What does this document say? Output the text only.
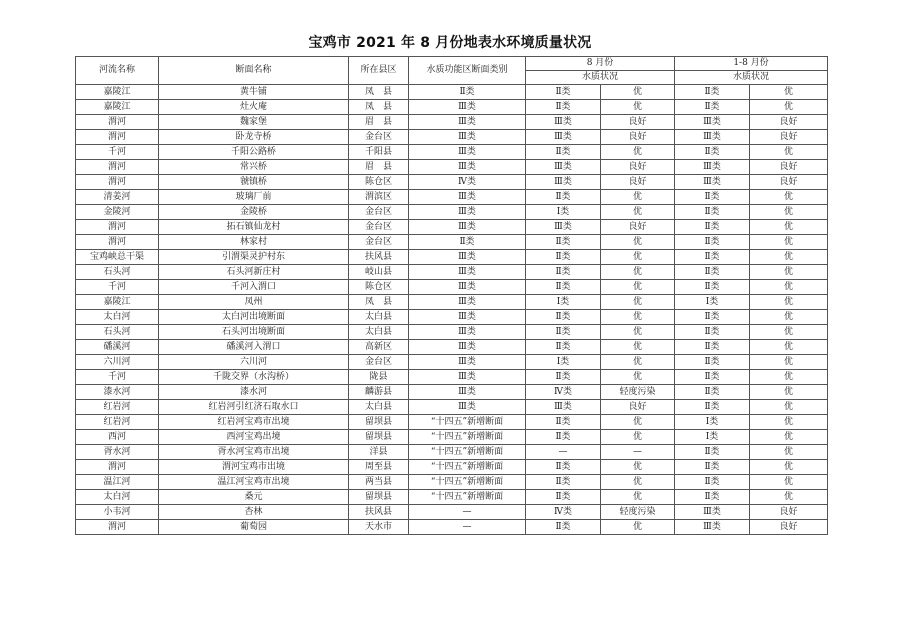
宝鸡市 2021 年 8 月份地表水环境质量状况
河流名称	断面名称	所在县区	水质功能区断面类别	8 月份		1-8 月份	
				水质状况		水质状况	
嘉陵江	黄牛铺	凤　县	Ⅱ类	Ⅱ类	优	Ⅱ类	优
嘉陵江	灶火庵	凤　县	Ⅲ类	Ⅱ类	优	Ⅱ类	优
渭河	魏家堡	眉　县	Ⅲ类	Ⅲ类	良好	Ⅲ类	良好
渭河	卧龙寺桥	金台区	Ⅲ类	Ⅲ类	良好	Ⅲ类	良好
千河	千阳公路桥	千阳县	Ⅲ类	Ⅱ类	优	Ⅱ类	优
渭河	常兴桥	眉　县	Ⅲ类	Ⅲ类	良好	Ⅲ类	良好
渭河	虢镇桥	陈仓区	Ⅳ类	Ⅲ类	良好	Ⅲ类	良好
清姜河	玻璃厂前	渭滨区	Ⅲ类	Ⅱ类	优	Ⅱ类	优
金陵河	金陵桥	金台区	Ⅲ类	Ⅰ类	优	Ⅱ类	优
渭河	拓石镇仙龙村	金台区	Ⅲ类	Ⅲ类	良好	Ⅱ类	优
渭河	林家村	金台区	Ⅱ类	Ⅱ类	优	Ⅱ类	优
宝鸡峡总干渠	引渭渠灵护村东	扶风县	Ⅲ类	Ⅱ类	优	Ⅱ类	优
石头河	石头河新庄村	岐山县	Ⅲ类	Ⅱ类	优	Ⅱ类	优
千河	千河入渭口	陈仓区	Ⅲ类	Ⅱ类	优	Ⅱ类	优
嘉陵江	凤州	凤　县	Ⅲ类	Ⅰ类	优	Ⅰ类	优
太白河	太白河出境断面	太白县	Ⅲ类	Ⅱ类	优	Ⅱ类	优
石头河	石头河出境断面	太白县	Ⅲ类	Ⅱ类	优	Ⅱ类	优
磻溪河	磻溪河入渭口	高新区	Ⅲ类	Ⅱ类	优	Ⅱ类	优
六川河	六川河	金台区	Ⅲ类	Ⅰ类	优	Ⅱ类	优
千河	千陇交界（水沟桥）	陇县	Ⅲ类	Ⅱ类	优	Ⅱ类	优
漆水河	漆水河	麟游县	Ⅲ类	Ⅳ类	轻度污染	Ⅱ类	优
红岩河	红岩河引红济石取水口	太白县	Ⅲ类	Ⅲ类	良好	Ⅱ类	优
红岩河	红岩河宝鸡市出境	留坝县	“十四五”新增断面	Ⅱ类	优	Ⅰ类	优
西河	西河宝鸡出境	留坝县	“十四五”新增断面	Ⅱ类	优	Ⅰ类	优
胥水河	胥水河宝鸡市出境	洋县	“十四五”新增断面	—	—	Ⅱ类	优
渭河	渭河宝鸡市出境	周至县	“十四五”新增断面	Ⅱ类	优	Ⅱ类	优
温江河	温江河宝鸡市出境	两当县	“十四五”新增断面	Ⅱ类	优	Ⅱ类	优
太白河	桑元	留坝县	“十四五”新增断面	Ⅱ类	优	Ⅱ类	优
小韦河	杏林	扶风县	—	Ⅳ类	轻度污染	Ⅲ类	良好
渭河	葡萄园	天水市	—	Ⅱ类	优	Ⅲ类	良好
